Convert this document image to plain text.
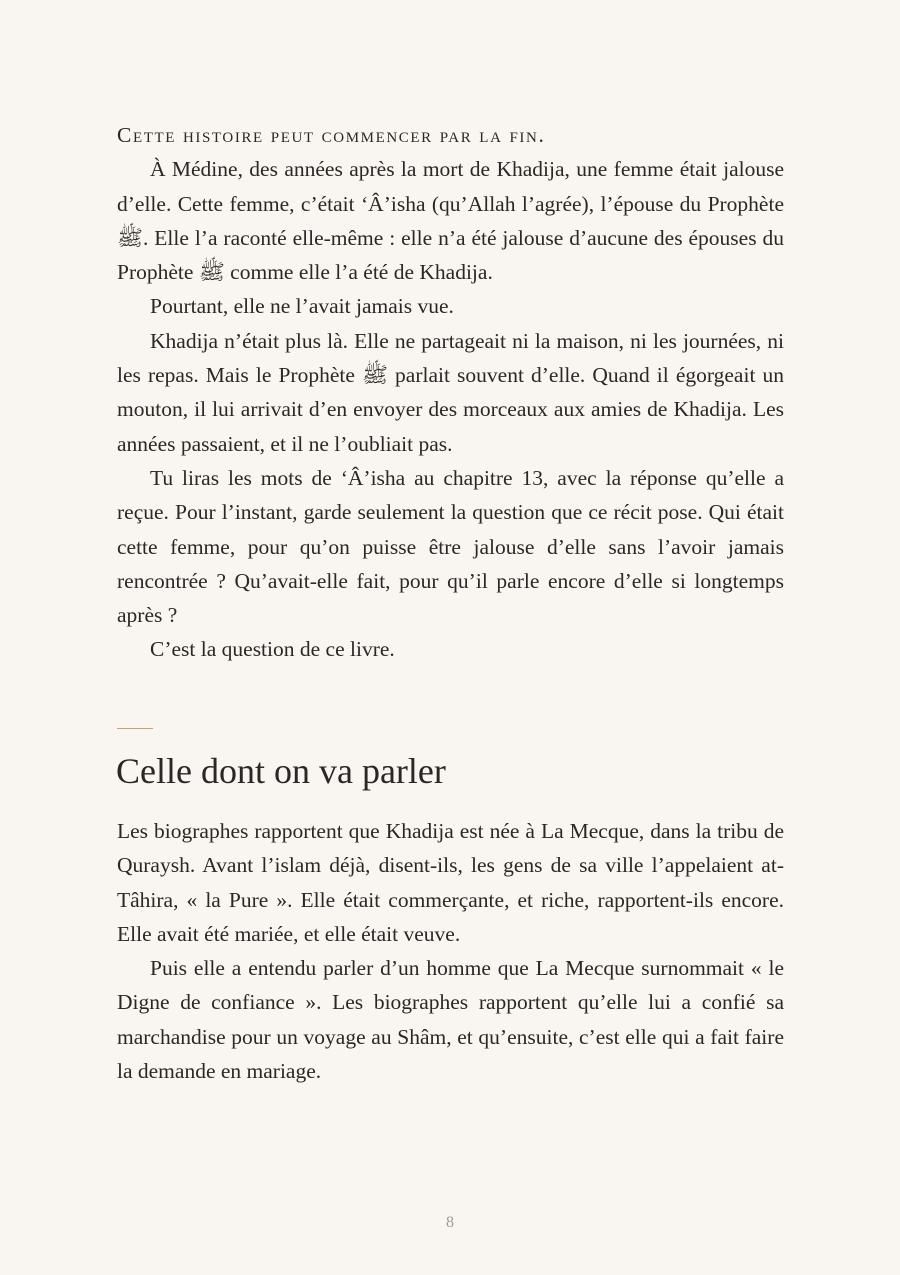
Cette histoire peut commencer par la fin.

À Médine, des années après la mort de Khadija, une femme était jalouse d’elle. Cette femme, c’était ‘Â’isha (qu’Allah l’agrée), l’épouse du Prophète ﷺ. Elle l’a raconté elle-même : elle n’a été jalouse d’aucune des épouses du Prophète ﷺ comme elle l’a été de Khadija.

Pourtant, elle ne l’avait jamais vue.

Khadija n’était plus là. Elle ne partageait ni la maison, ni les journées, ni les repas. Mais le Prophète ﷺ parlait souvent d’elle. Quand il égorgeait un mouton, il lui arrivait d’en envoyer des morceaux aux amies de Khadija. Les années passaient, et il ne l’oubliait pas.

Tu liras les mots de ‘Â’isha au chapitre 13, avec la réponse qu’elle a reçue. Pour l’instant, garde seulement la question que ce récit pose. Qui était cette femme, pour qu’on puisse être jalouse d’elle sans l’avoir jamais rencontrée ? Qu’avait-elle fait, pour qu’il parle encore d’elle si longtemps après ?

C’est la question de ce livre.

Celle dont on va parler

Les biographes rapportent que Khadija est née à La Mecque, dans la tribu de Quraysh. Avant l’islam déjà, disent-ils, les gens de sa ville l’appelaient at-Tâhira, « la Pure ». Elle était commerçante, et riche, rapportent-ils encore. Elle avait été mariée, et elle était veuve.

Puis elle a entendu parler d’un homme que La Mecque surnommait « le Digne de confiance ». Les biographes rapportent qu’elle lui a confié sa marchandise pour un voyage au Shâm, et qu’ensuite, c’est elle qui a fait faire la demande en mariage.

8
